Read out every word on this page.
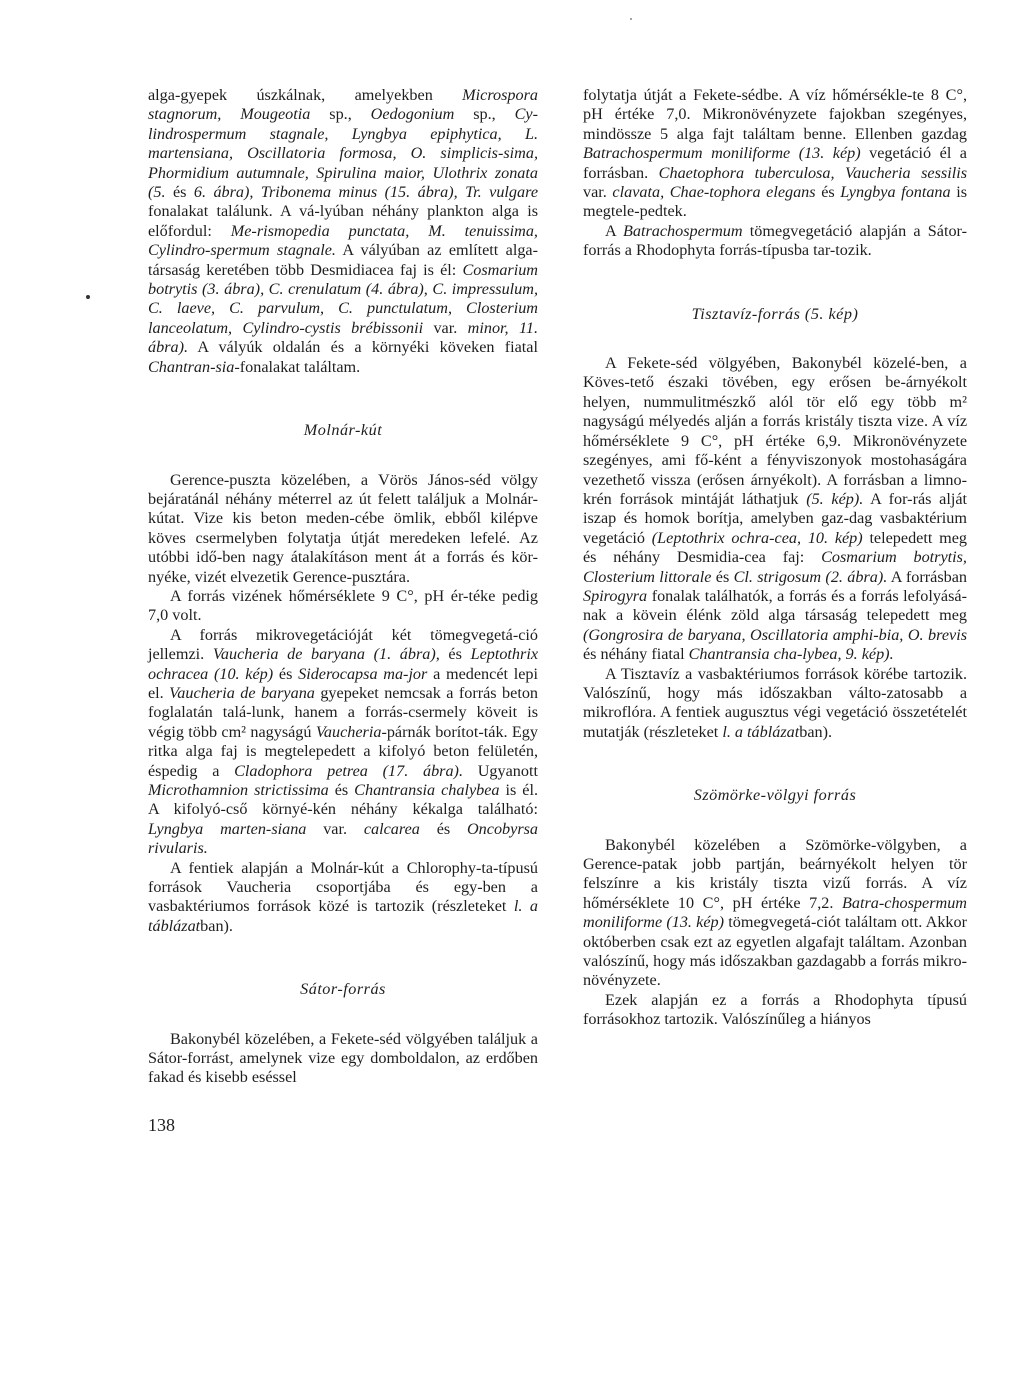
alga-gyepek úszkálnak, amelyekben Microspora stagnorum, Mougeotia sp., Oedogonium sp., Cy-lindrospermum stagnale, Lyngbya epiphytica, L. martensiana, Oscillatoria formosa, O. simplicis-sima, Phormidium autumnale, Spirulina maior, Ulothrix zonata (5. és 6. ábra), Tribonema minus (15. ábra), Tr. vulgare fonalakat találunk. A vá-lyúban néhány plankton alga is előfordul: Me-rismopedia punctata, M. tenuissima, Cylindro-spermum stagnale. A vályúban az említett alga-társaság keretében több Desmidiacea faj is él: Cosmarium botrytis (3. ábra), C. crenulatum (4. ábra), C. impressulum, C. laeve, C. parvulum, C. punctulatum, Closterium lanceolatum, Cylindro-cystis brébissonii var. minor, 11. ábra). A vályúk oldalán és a környéki köveken fiatal Chantran-sia-fonalakat találtam.

Molnár-kút

Gerence-puszta közelében, a Vörös János-séd völgy bejáratánál néhány méterrel az út felett találjuk a Molnár-kútat. Vize kis beton meden-cébe ömlik, ebből kilépve köves csermelyben folytatja útját meredeken lefelé. Az utóbbi idő-ben nagy átalakításon ment át a forrás és kör-nyéke, vizét elvezetik Gerence-pusztára.

A forrás vizének hőmérséklete 9 C°, pH ér-téke pedig 7,0 volt.

A forrás mikrovegetációját két tömegvegetá-ció jellemzi. Vaucheria de baryana (1. ábra), és Leptothrix ochracea (10. kép) és Siderocapsa ma-jor a medencét lepi el. Vaucheria de baryana gyepeket nemcsak a forrás beton foglalatán talá-lunk, hanem a forrás-csermely köveit is végig több cm² nagyságú Vaucheria-párnák borítot-ták. Egy ritka alga faj is megtelepedett a kifolyó beton felületén, éspedig a Cladophora petrea (17. ábra). Ugyanott Microthamnion strictissima és Chantransia chalybea is él. A kifolyó-cső környé-kén néhány kékalga található: Lyngbya marten-siana var. calcarea és Oncobyrsa rivularis.

A fentiek alapján a Molnár-kút a Chlorophy-ta-típusú források Vaucheria csoportjába és egy-ben a vasbaktériumos források közé is tartozik (részleteket l. a táblázatban).

Sátor-forrás

Bakonybél közelében, a Fekete-séd völgyében találjuk a Sátor-forrást, amelynek vize egy domboldalon, az erdőben fakad és kisebb eséssel

folytatja útját a Fekete-sédbe. A víz hőmérsékle-te 8 C°, pH értéke 7,0. Mikronövényzete fajokban szegényes, mindössze 5 alga fajt találtam benne. Ellenben gazdag Batrachospermum moniliforme (13. kép) vegetáció él a forrásban. Chaetophora tuberculosa, Vaucheria sessilis var. clavata, Chae-tophora elegans és Lyngbya fontana is megtele-pedtek.

A Batrachospermum tömegvegetáció alapján a Sátor-forrás a Rhodophyta forrás-típusba tar-tozik.

Tisztavíz-forrás (5. kép)

A Fekete-séd völgyében, Bakonybél közelé-ben, a Köves-tető északi tövében, egy erősen be-árnyékolt helyen, nummulitmészkő alól tör elő egy több m² nagyságú mélyedés alján a forrás kristály tiszta vize. A víz hőmérséklete 9 C°, pH értéke 6,9. Mikronövényzete szegényes, ami fő-ként a fényviszonyok mostohaságára vezethető vissza (erősen árnyékolt). A forrásban a limno-krén források mintáját láthatjuk (5. kép). A for-rás alját iszap és homok borítja, amelyben gaz-dag vasbaktérium vegetáció (Leptothrix ochra-cea, 10. kép) telepedett meg és néhány Desmidia-cea faj: Cosmarium botrytis, Closterium littorale és Cl. strigosum (2. ábra). A forrásban Spirogyra fonalak találhatók, a forrás és a forrás lefolyásá-nak a kövein élénk zöld alga társaság telepedett meg (Gongrosira de baryana, Oscillatoria amphi-bia, O. brevis és néhány fiatal Chantransia cha-lybea, 9. kép).

A Tisztavíz a vasbaktériumos források körébe tartozik. Valószínű, hogy más időszakban válto-zatosabb a mikroflóra. A fentiek augusztus végi vegetáció összetételét mutatják (részleteket l. a táblázatban).

Szömörke-völgyi forrás

Bakonybél közelében a Szömörke-völgyben, a Gerence-patak jobb partján, beárnyékolt helyen tör felszínre a kis kristály tiszta vizű forrás. A víz hőmérséklete 10 C°, pH értéke 7,2. Batra-chospermum moniliforme (13. kép) tömegvegetá-ciót találtam ott. Akkor októberben csak ezt az egyetlen algafajt találtam. Azonban valószínű, hogy más időszakban gazdagabb a forrás mikro-növényzete.

Ezek alapján ez a forrás a Rhodophyta típusú forrásokhoz tartozik. Valószínűleg a hiányos

138
